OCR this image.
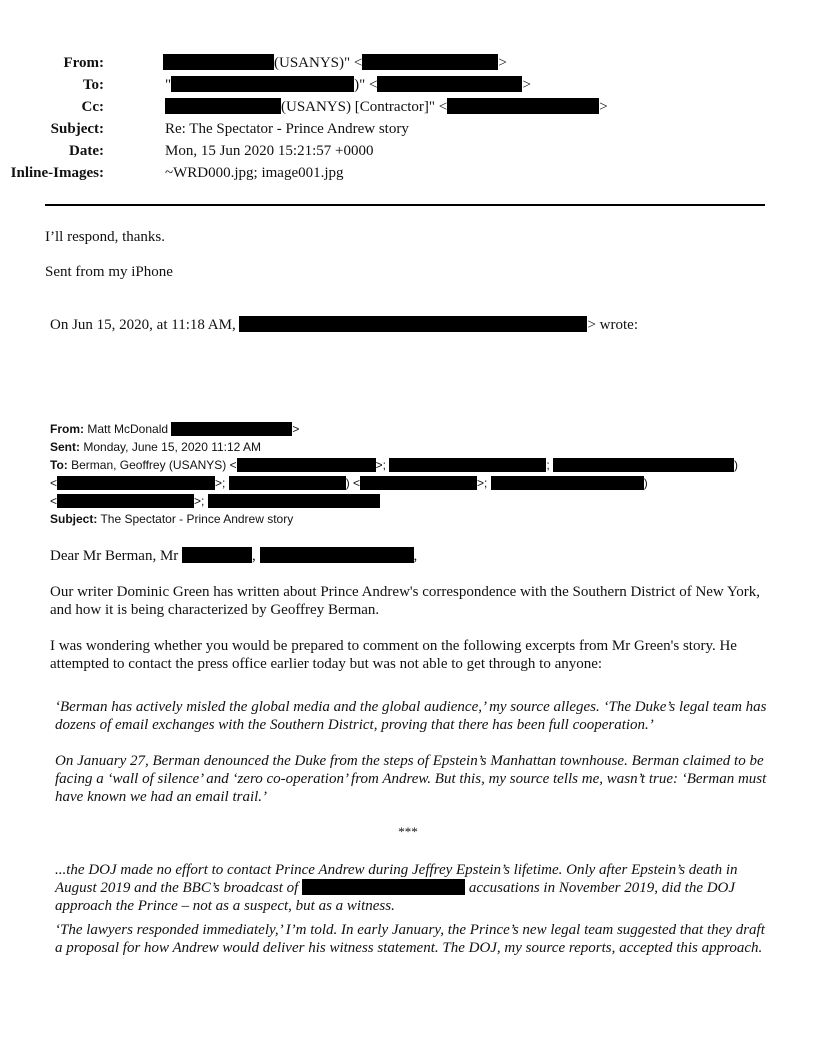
From:	(USANYS)" <	>
To:	"	)" <	>
Cc:	(USANYS) [Contractor]" <	>
Subject:	Re: The Spectator - Prince Andrew story
Date:	Mon, 15 Jun 2020 15:21:57 +0000
Inline-Images:	~WRD000.jpg; image001.jpg
I’ll respond, thanks.
Sent from my iPhone
On Jun 15, 2020, at 11:18 AM,	> wrote:
From: Matt McDonald	>
Sent: Monday, June 15, 2020 11:12 AM
To: Berman, Geoffrey (USANYS) <	>;	;	)
<	>;	) <	>;	)
<	>;
Subject: The Spectator - Prince Andrew story
Dear Mr Berman, Mr	,	,
Our writer Dominic Green has written about Prince Andrew's correspondence with the Southern District of New York, and how it is being characterized by Geoffrey Berman.
I was wondering whether you would be prepared to comment on the following excerpts from Mr Green's story. He attempted to contact the press office earlier today but was not able to get through to anyone:
‘Berman has actively misled the global media and the global audience,’ my source alleges. ‘The Duke’s legal team has dozens of email exchanges with the Southern District, proving that there has been full cooperation.’
On January 27, Berman denounced the Duke from the steps of Epstein’s Manhattan townhouse. Berman claimed to be facing a ‘wall of silence’ and ‘zero co-operation’ from Andrew. But this, my source tells me, wasn’t true: ‘Berman must have known we had an email trail.’
***
...the DOJ made no effort to contact Prince Andrew during Jeffrey Epstein’s lifetime. Only after Epstein’s death in August 2019 and the BBC’s broadcast of	accusations in November 2019, did the DOJ approach the Prince – not as a suspect, but as a witness.
‘The lawyers responded immediately,’ I’m told. In early January, the Prince’s new legal team suggested that they draft a proposal for how Andrew would deliver his witness statement. The DOJ, my source reports, accepted this approach.
